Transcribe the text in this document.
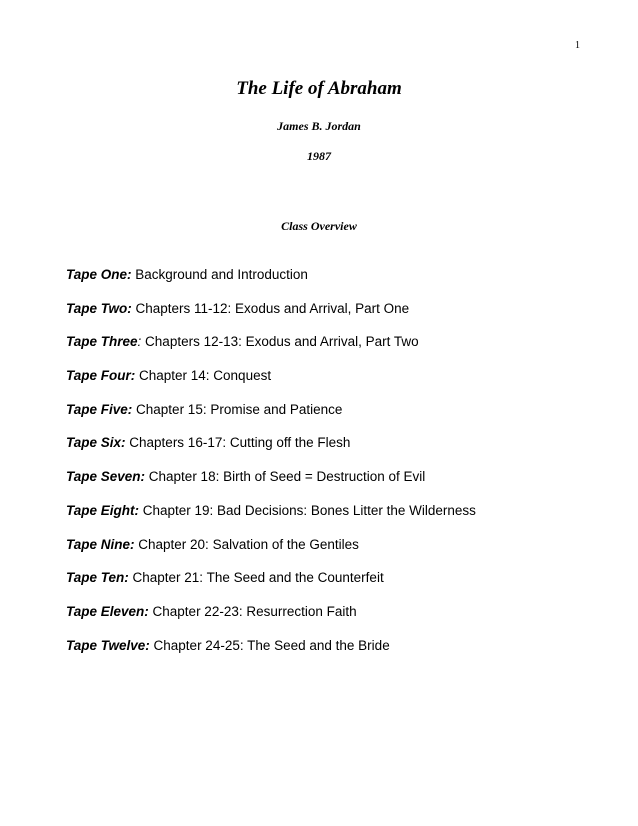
1
The Life of Abraham
James B. Jordan
1987
Class Overview
Tape One: Background and Introduction
Tape Two: Chapters 11-12: Exodus and Arrival, Part One
Tape Three: Chapters 12-13: Exodus and Arrival, Part Two
Tape Four: Chapter 14: Conquest
Tape Five: Chapter 15: Promise and Patience
Tape Six: Chapters 16-17: Cutting off the Flesh
Tape Seven: Chapter 18: Birth of Seed = Destruction of Evil
Tape Eight: Chapter 19: Bad Decisions: Bones Litter the Wilderness
Tape Nine: Chapter 20: Salvation of the Gentiles
Tape Ten: Chapter 21: The Seed and the Counterfeit
Tape Eleven: Chapter 22-23: Resurrection Faith
Tape Twelve: Chapter 24-25: The Seed and the Bride
